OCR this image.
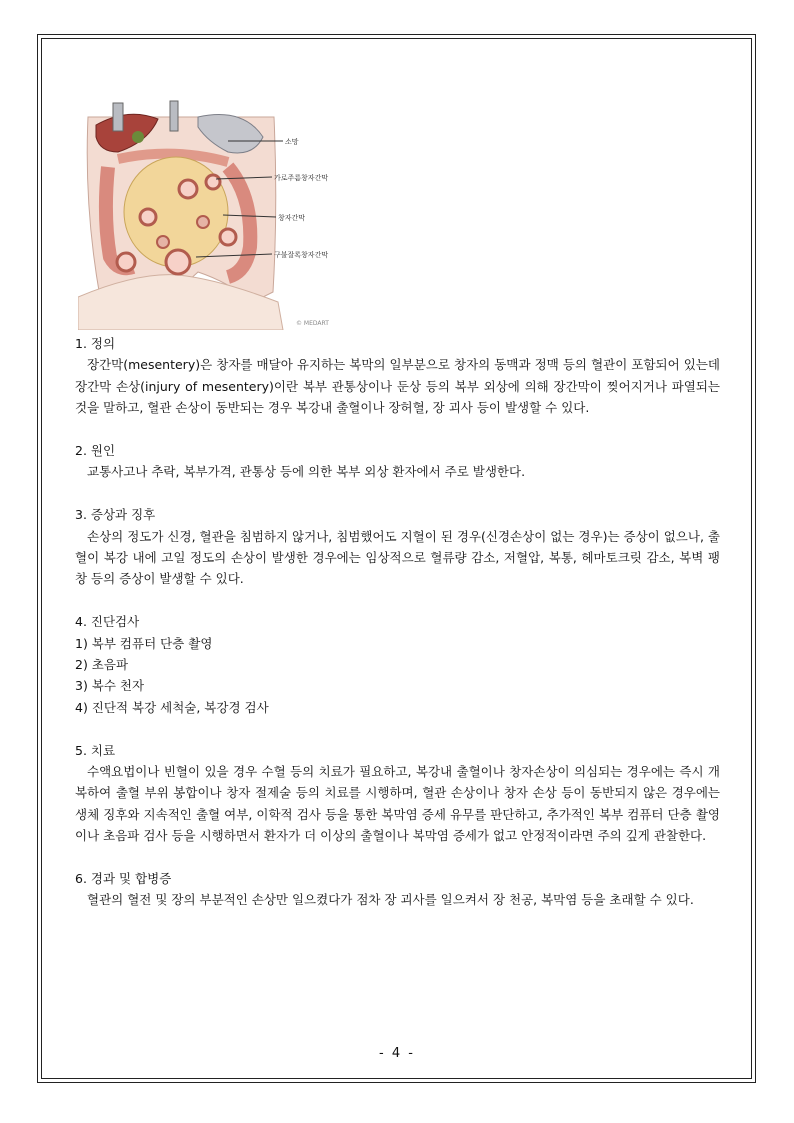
소망
가로주름창자간막
창자간막
구불잘록창자간막
© MEDART

1. 정의

장간막(mesentery)은 창자를 매달아 유지하는 복막의 일부분으로 창자의 동맥과 정맥 등의 혈관이 포함되어 있는데 장간막 손상(injury of mesentery)이란 복부 관통상이나 둔상 등의 복부 외상에 의해 장간막이 찢어지거나 파열되는 것을 말하고, 혈관 손상이 동반되는 경우 복강내 출혈이나 장허혈, 장 괴사 등이 발생할 수 있다.

2. 원인

교통사고나 추락, 복부가격, 관통상 등에 의한 복부 외상 환자에서 주로 발생한다.

3. 증상과 징후

손상의 정도가 신경, 혈관을 침범하지 않거나, 침범했어도 지혈이 된 경우(신경손상이 없는 경우)는 증상이 없으나, 출혈이 복강 내에 고일 정도의 손상이 발생한 경우에는 임상적으로 혈류량 감소, 저혈압, 복통, 헤마토크릿 감소, 복벽 팽창 등의 증상이 발생할 수 있다.

4. 진단검사

1) 복부 컴퓨터 단층 촬영

2) 초음파

3) 복수 천자

4) 진단적 복강 세척술, 복강경 검사

5. 치료

수액요법이나 빈혈이 있을 경우 수혈 등의 치료가 필요하고, 복강내 출혈이나 창자손상이 의심되는 경우에는 즉시 개복하여 출혈 부위 봉합이나 창자 절제술 등의 치료를 시행하며, 혈관 손상이나 창자 손상 등이 동반되지 않은 경우에는 생체 징후와 지속적인 출혈 여부, 이학적 검사 등을 통한 복막염 증세 유무를 판단하고, 추가적인 복부 컴퓨터 단층 촬영이나 초음파 검사 등을 시행하면서 환자가 더 이상의 출혈이나 복막염 증세가 없고 안정적이라면 주의 깊게 관찰한다.

6. 경과 및 합병증

혈관의 혈전 및 장의 부분적인 손상만 일으켰다가 점차 장 괴사를 일으켜서 장 천공, 복막염 등을 초래할 수 있다.

- 4 -
